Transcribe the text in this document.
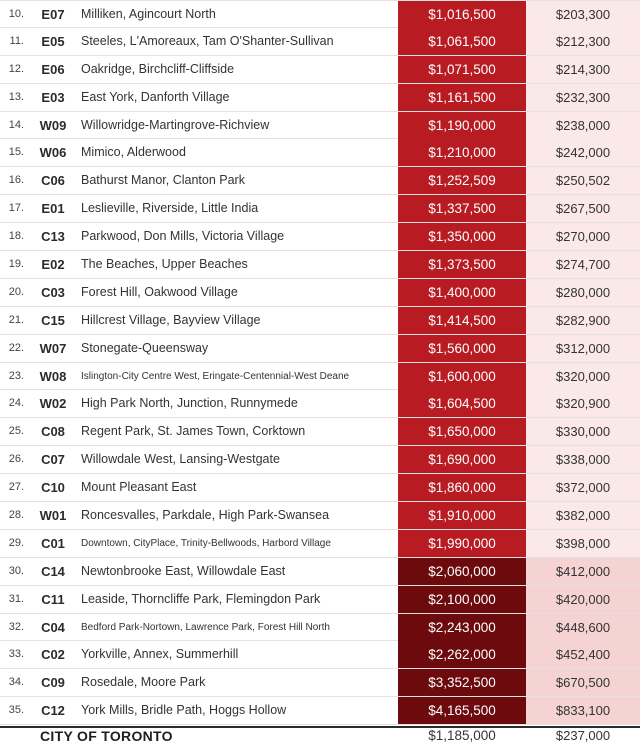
10.	E07	Milliken, Agincourt North	$1,016,500	$203,300
11.	E05	Steeles, L'Amoreaux, Tam O'Shanter-Sullivan	$1,061,500	$212,300
12.	E06	Oakridge, Birchcliff-Cliffside	$1,071,500	$214,300
13.	E03	East York, Danforth Village	$1,161,500	$232,300
14. W09 Willowridge-Martingrove-Richview	$1,190,000	$238,000
15. W06 Mimico, Alderwood	$1,210,000	$242,000
16.	C06	Bathurst Manor, Clanton Park	$1,252,509	$250,502
17.	E01	Leslieville, Riverside, Little India	$1,337,500	$267,500
18.	C13	Parkwood, Don Mills, Victoria Village	$1,350,000	$270,000
19.	E02	The Beaches, Upper Beaches	$1,373,500	$274,700
20.	C03	Forest Hill, Oakwood Village	$1,400,000	$280,000
21.	C15	Hillcrest Village, Bayview Village	$1,414,500	$282,900
22. W07 Stonegate-Queensway	$1,560,000	$312,000
23. W08	Islington-City Centre West, Eringate-Centennial-West Deane	$1,600,000	$320,000
24. W02 High Park North, Junction, Runnymede	$1,604,500	$320,900
25.	C08	Regent Park, St. James Town, Corktown	$1,650,000	$330,000
26.	C07	Willowdale West, Lansing-Westgate	$1,690,000	$338,000
27.	C10	Mount Pleasant East	$1,860,000	$372,000
28. W01 Roncesvalles, Parkdale, High Park-Swansea	$1,910,000	$382,000
29.	C01	Downtown, CityPlace, Trinity-Bellwoods, Harbord Village	$1,990,000	$398,000
30.	C14	Newtonbrooke East, Willowdale East	$2,060,000	$412,000
31.	C11	Leaside, Thorncliffe Park, Flemingdon Park	$2,100,000	$420,000
32.	C04	Bedford Park-Nortown, Lawrence Park, Forest Hill North	$2,243,000	$448,600
33.	C02	Yorkville, Annex, Summerhill	$2,262,000	$452,400
34.	C09	Rosedale, Moore Park	$3,352,500	$670,500
35.	C12	York Mills, Bridle Path, Hoggs Hollow	$4,165,500	$833,100
CITY OF TORONTO	$1,185,000	$237,000
